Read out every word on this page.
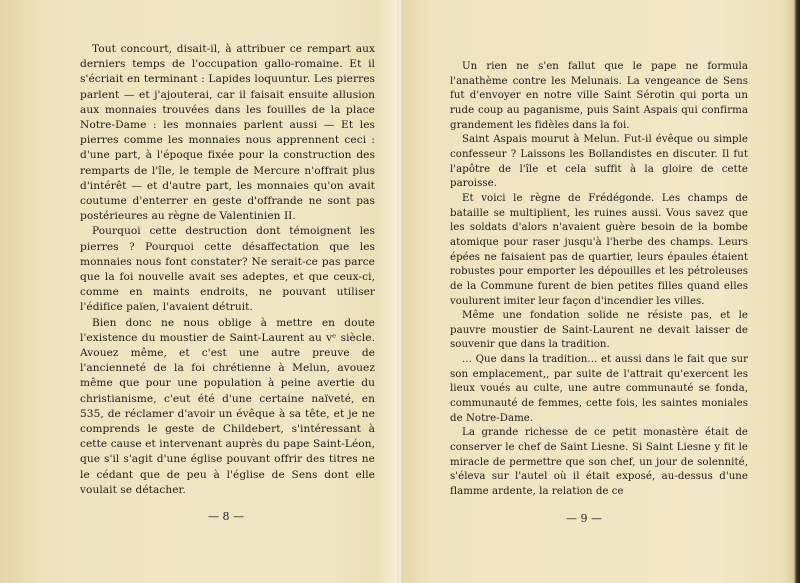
Tout concourt, disait-il, à attribuer ce rempart aux derniers temps de l'occupation gallo-romaine. Et il s'écriait en terminant : Lapides loquuntur. Les pierres parlent — et j'ajouterai, car il faisait ensuite allusion aux monnaies trouvées dans les fouilles de la place Notre-Dame : les monnaies parlent aussi — Et les pierres comme les monnaies nous apprennent ceci : d'une part, à l'époque fixée pour la construction des remparts de l'île, le temple de Mercure n'offrait plus d'intérêt — et d'autre part, les monnaies qu'on avait coutume d'enterrer en geste d'offrande ne sont pas postérieures au règne de Valentinien II.

Pourquoi cette destruction dont témoignent les pierres ? Pourquoi cette désaffectation que les monnaies nous font constater? Ne serait-ce pas parce que la foi nouvelle avait ses adeptes, et que ceux-ci, comme en maints endroits, ne pouvant utiliser l'édifice païen, l'avaient détruit.

Bien donc ne nous oblige à mettre en doute l'existence du moustier de Saint-Laurent au vᵉ siècle. Avouez même, et c'est une autre preuve de l'ancienneté de la foi chrétienne à Melun, avouez même que pour une population à peine avertie du christianisme, c'eut été d'une certaine naïveté, en 535, de réclamer d'avoir un évêque à sa tête, et je ne comprends le geste de Childebert, s'intéressant à cette cause et intervenant auprès du pape Saint-Léon, que s'il s'agit d'une église pouvant offrir des titres ne le cédant que de peu à l'église de Sens dont elle voulait se détacher.

— 8 —

Un rien ne s'en fallut que le pape ne formula l'anathème contre les Melunais. La vengeance de Sens fut d'envoyer en notre ville Saint Sérotin qui porta un rude coup au paganisme, puis Saint Aspais qui confirma grandement les fidèles dans la foi.

Saint Aspais mourut à Melun. Fut-il évêque ou simple confesseur ? Laissons les Bollandistes en discuter. Il fut l'apôtre de l'île et cela suffit à la gloire de cette paroisse.

Et voici le règne de Frédégonde. Les champs de bataille se multiplient, les ruines aussi. Vous savez que les soldats d'alors n'avaient guère besoin de la bombe atomique pour raser jusqu'à l'herbe des champs. Leurs épées ne faisaient pas de quartier, leurs épaules étaient robustes pour emporter les dépouilles et les pétroleuses de la Commune furent de bien petites filles quand elles voulurent imiter leur façon d'incendier les villes.

Même une fondation solide ne résiste pas, et le pauvre moustier de Saint-Laurent ne devait laisser de souvenir que dans la tradition.

... Que dans la tradition... et aussi dans le fait que sur son emplacement,, par suite de l'attrait qu'exercent les lieux voués au culte, une autre communauté se fonda, communauté de femmes, cette fois, les saintes moniales de Notre-Dame.

La grande richesse de ce petit monastère était de conserver le chef de Saint Liesne. Si Saint Liesne y fit le miracle de permettre que son chef, un jour de solennité, s'éleva sur l'autel où il était exposé, au-dessus d'une flamme ardente, la relation de ce

— 9 —
